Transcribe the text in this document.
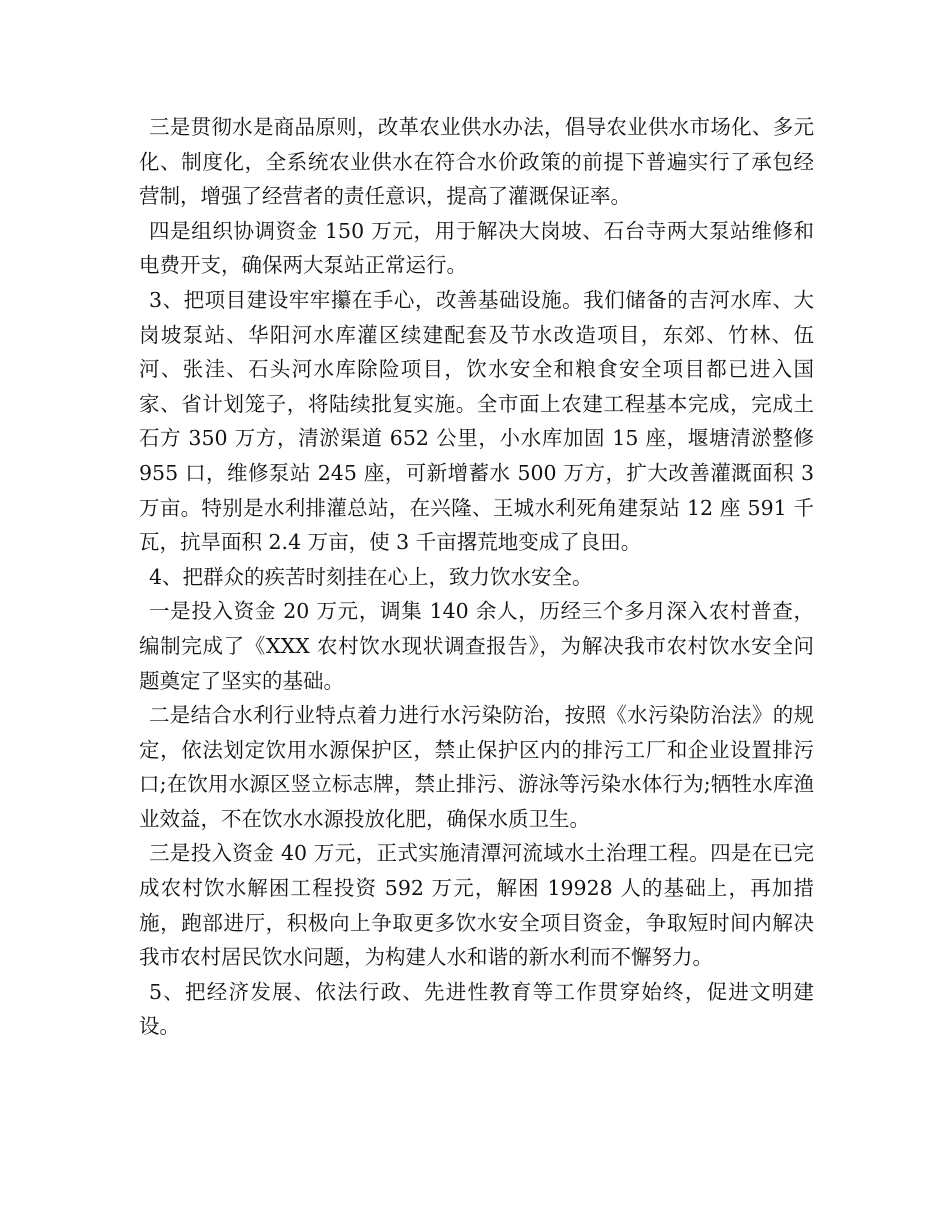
三是贯彻水是商品原则，改革农业供水办法，倡导农业供水市场化、多元化、制度化，全系统农业供水在符合水价政策的前提下普遍实行了承包经营制，增强了经营者的责任意识，提高了灌溉保证率。

四是组织协调资金 150 万元，用于解决大岗坡、石台寺两大泵站维修和电费开支，确保两大泵站正常运行。

3、把项目建设牢牢攥在手心，改善基础设施。我们储备的吉河水库、大岗坡泵站、华阳河水库灌区续建配套及节水改造项目，东郊、竹林、伍河、张洼、石头河水库除险项目，饮水安全和粮食安全项目都已进入国家、省计划笼子，将陆续批复实施。全市面上农建工程基本完成，完成土石方 350 万方，清淤渠道 652 公里，小水库加固 15 座，堰塘清淤整修 955 口，维修泵站 245 座，可新增蓄水 500 万方，扩大改善灌溉面积 3 万亩。特别是水利排灌总站，在兴隆、王城水利死角建泵站 12 座 591 千瓦，抗旱面积 2.4 万亩，使 3 千亩撂荒地变成了良田。

4、把群众的疾苦时刻挂在心上，致力饮水安全。

一是投入资金 20 万元，调集 140 余人，历经三个多月深入农村普查，编制完成了《XXX 农村饮水现状调查报告》，为解决我市农村饮水安全问题奠定了坚实的基础。

二是结合水利行业特点着力进行水污染防治，按照《水污染防治法》的规定，依法划定饮用水源保护区，禁止保护区内的排污工厂和企业设置排污口;在饮用水源区竖立标志牌，禁止排污、游泳等污染水体行为;牺牲水库渔业效益，不在饮水水源投放化肥，确保水质卫生。

三是投入资金 40 万元，正式实施清潭河流域水土治理工程。四是在已完成农村饮水解困工程投资 592 万元，解困 19928 人的基础上，再加措施，跑部进厅，积极向上争取更多饮水安全项目资金，争取短时间内解决我市农村居民饮水问题，为构建人水和谐的新水利而不懈努力。

5、把经济发展、依法行政、先进性教育等工作贯穿始终，促进文明建设。
